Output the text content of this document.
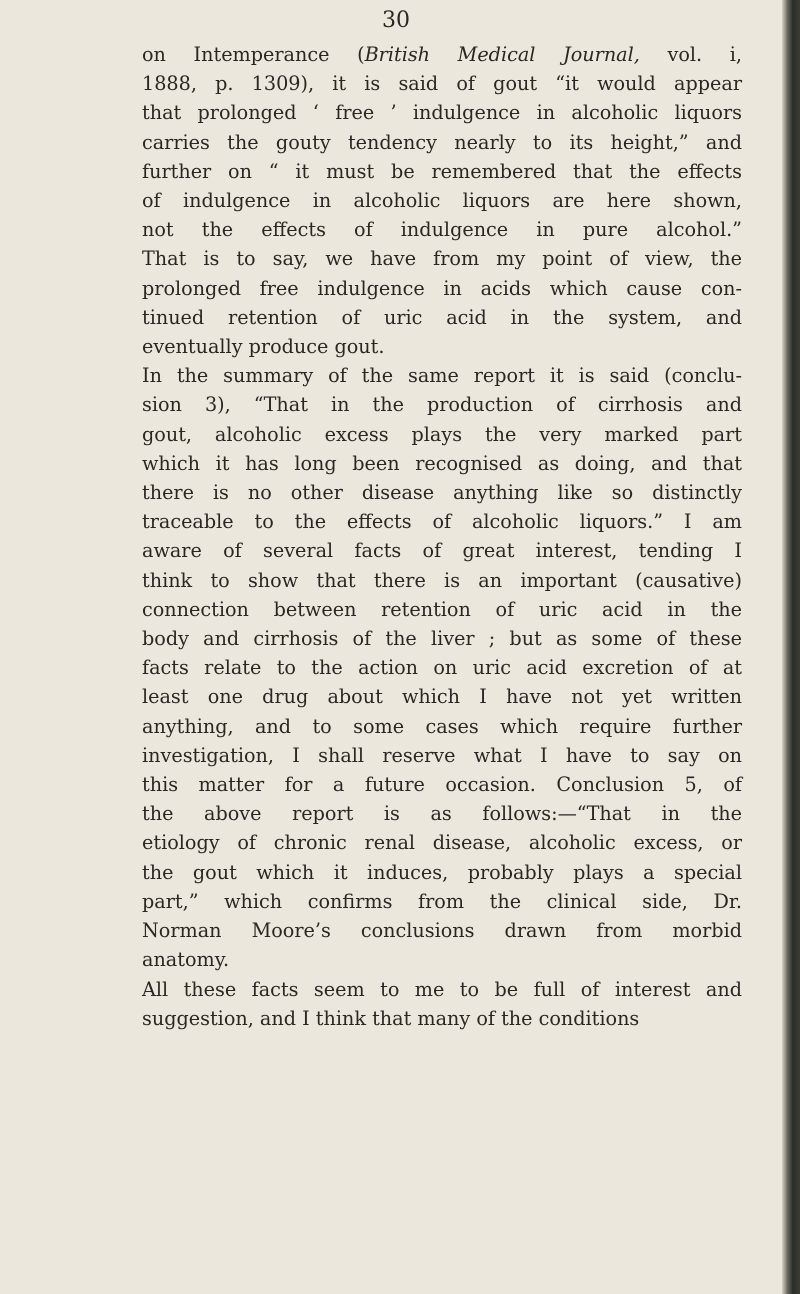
30
on Intemperance (British Medical Journal, vol. i,
1888, p. 1309), it is said of gout “it would appear
that prolonged ‘ free ’ indulgence in alcoholic liquors
carries the gouty tendency nearly to its height,” and
further on “ it must be remembered that the effects
of indulgence in alcoholic liquors are here shown,
not the effects of indulgence in pure alcohol.”
That is to say, we have from my point of view, the
prolonged free indulgence in acids which cause con-
tinued retention of uric acid in the system, and
eventually produce gout.
In the summary of the same report it is said (conclu-
sion 3), “That in the production of cirrhosis and
gout, alcoholic excess plays the very marked part
which it has long been recognised as doing, and that
there is no other disease anything like so distinctly
traceable to the effects of alcoholic liquors.” I am
aware of several facts of great interest, tending I
think to show that there is an important (causative)
connection between retention of uric acid in the
body and cirrhosis of the liver ; but as some of these
facts relate to the action on uric acid excretion of at
least one drug about which I have not yet written
anything, and to some cases which require further
investigation, I shall reserve what I have to say on
this matter for a future occasion. Conclusion 5, of
the above report is as follows:—“That in the
etiology of chronic renal disease, alcoholic excess, or
the gout which it induces, probably plays a special
part,” which confirms from the clinical side, Dr.
Norman Moore’s conclusions drawn from morbid
anatomy.
All these facts seem to me to be full of interest and
suggestion, and I think that many of the conditions
